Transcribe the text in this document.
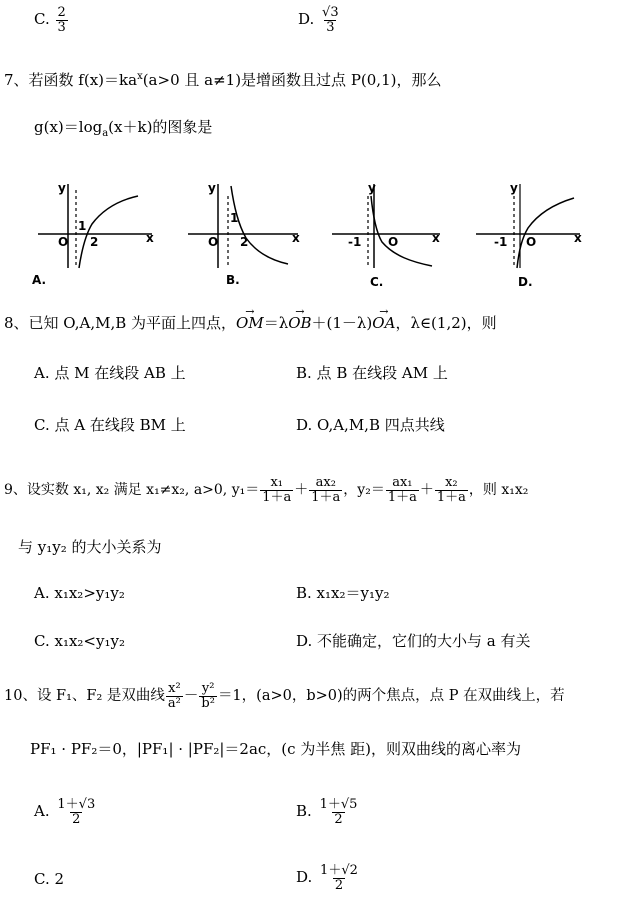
C. $\frac{2}{3}$	D. $\frac{√3}{3}$
7、若函数 $f(x)=ka^x(a>0$ 且 a≠1)是增函数且过点 P(0,1)，那么
$g(x)=\log_a(x+k)$的图象是
y
x
O
1
2
A.
y
x
O
1
2
B.
y
x
-1 O
C.
y
x
-1 O
D.
8、已知 O,A,M,B 为平面上四点，→ OM＝λ→ OB＋(1－λ)→ OA，λ∈(1,2)，则
A. 点 M 在线段 AB 上	B. 点 B 在线段 AM 上
C. 点 A 在线段 BM 上	D. O,A,M,B 四点共线
9、设实数 x₁, x₂ 满足 x₁≠x₂, a>0, $y_1= \frac{\text{x₁}}{1+a} + \frac{\text{ax₂}}{1+a}$ ，$y_2= \frac{\text{ax₁}}{1+a} + \frac{\text{x₂}}{1+a}$ ，则 x₁x₂
与 y₁y₂ 的大小关系为
A. x₁x₂>y₁y₂	B. x₁x₂＝y₁y₂
C. x₁x₂<y₁y₂	D. 不能确定，它们的大小与 a 有关
10、设 F₁、F₂ 是双曲线 $\frac{\text{x²}}{\text{a²}} - \frac{\text{y²}}{\text{b²}} =1$，(a>0，b>0)的两个焦点，点 P 在双曲线上，若
PF₁ · PF₂＝0，|PF₁| · |PF₂|＝2ac，(c 为半焦 距)，则双曲线的离心率为
A. $\frac{1+√3}{2}$	B. $\frac{1+√5}{2}$
C. 2	D. $\frac{1+√2}{2}$
